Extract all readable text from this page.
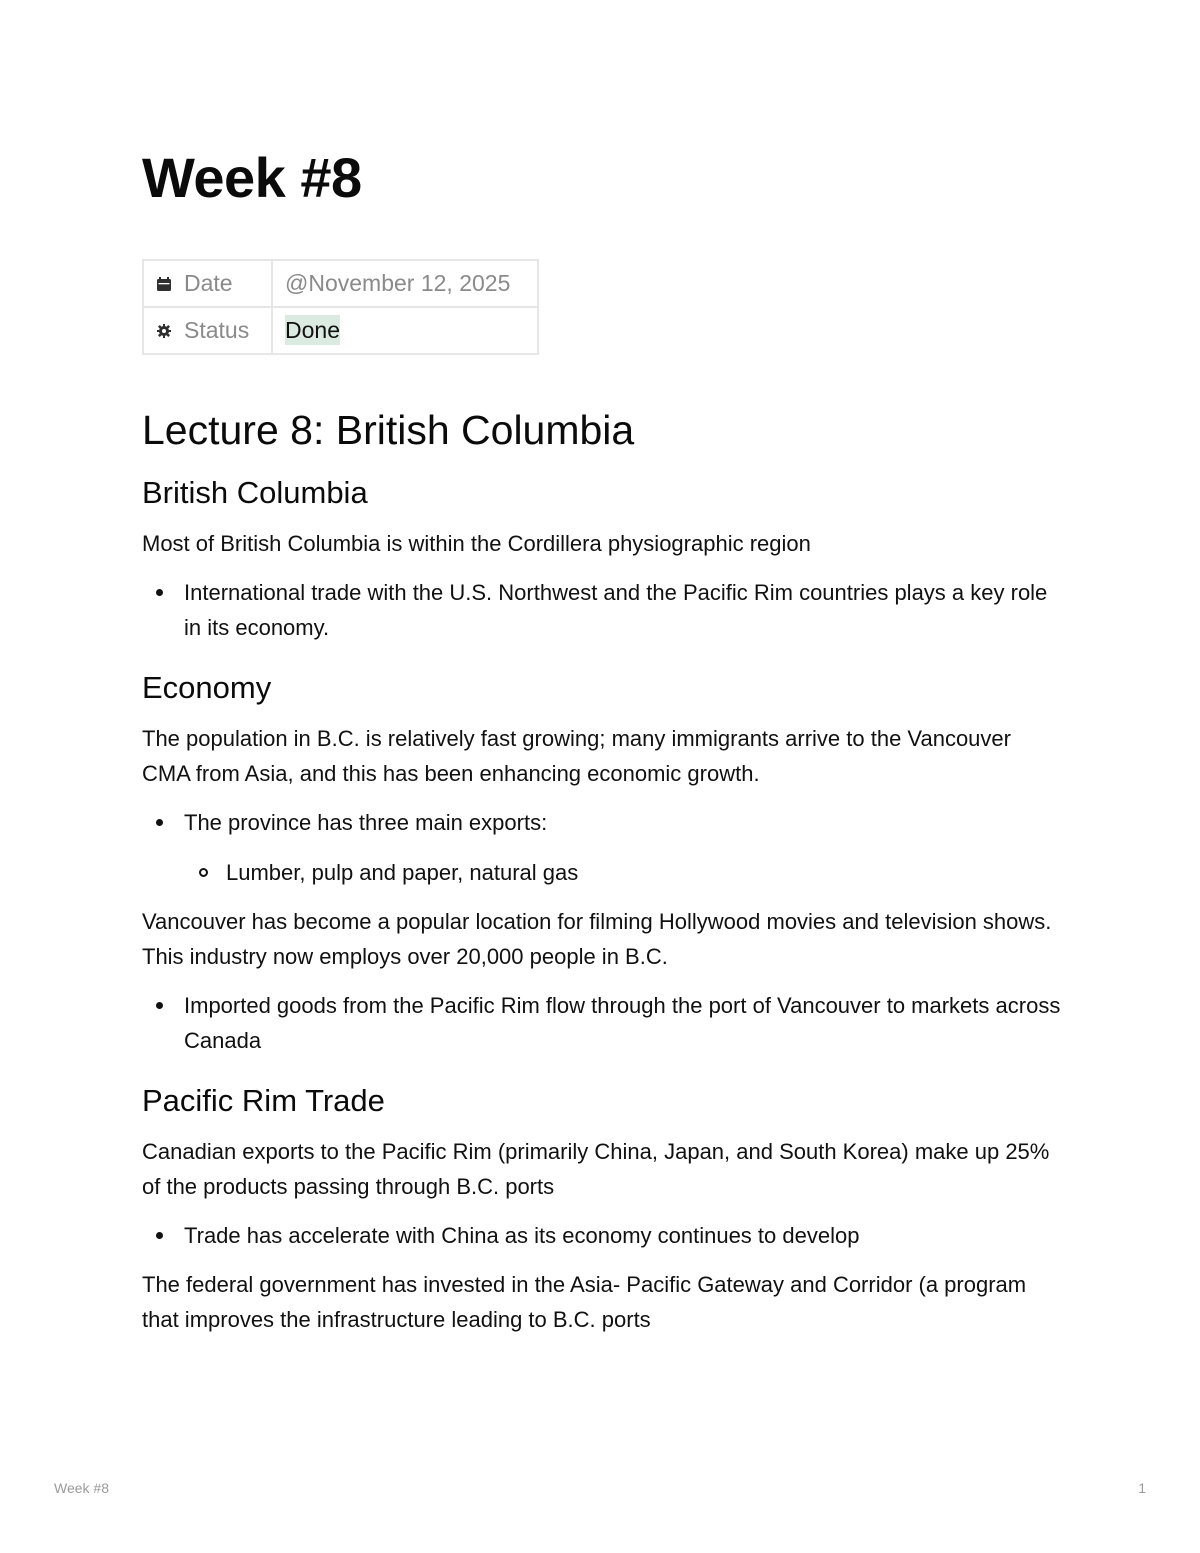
Week #8
Date	@November 12, 2025
Status	Done
Lecture 8: British Columbia
British Columbia

Most of British Columbia is within the Cordillera physiographic region

International trade with the U.S. Northwest and the Pacific Rim countries plays a key role in its economy.
Economy

The population in B.C. is relatively fast growing; many immigrants arrive to the Vancouver CMA from Asia, and this has been enhancing economic growth.

The province has three main exports:
Lumber, pulp and paper, natural gas

Vancouver has become a popular location for filming Hollywood movies and television shows. This industry now employs over 20,000 people in B.C.

Imported goods from the Pacific Rim flow through the port of Vancouver to markets across Canada
Pacific Rim Trade

Canadian exports to the Pacific Rim (primarily China, Japan, and South Korea) make up 25% of the products passing through B.C. ports

Trade has accelerate with China as its economy continues to develop

The federal government has invested in the Asia- Pacific Gateway and Corridor (a program that improves the infrastructure leading to B.C. ports

Week #8	1
